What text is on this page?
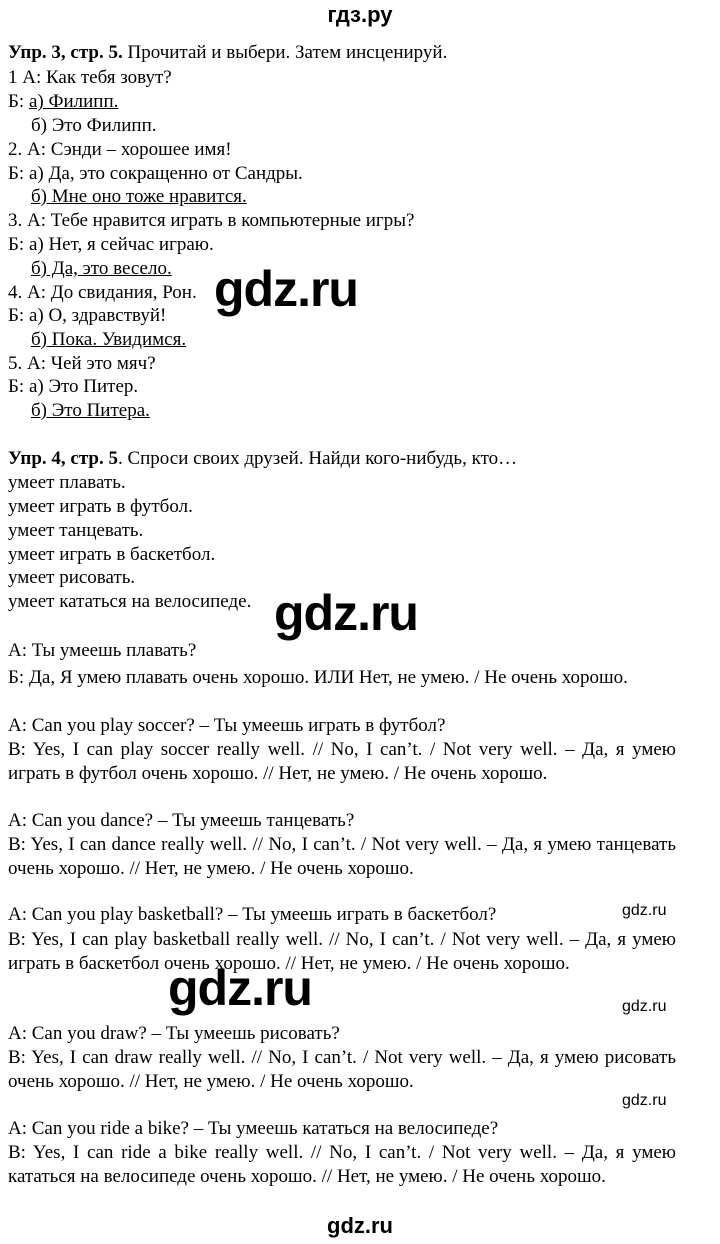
гдз.ру
Упр. 3, стр. 5. Прочитай и выбери. Затем инсценируй.
1 А: Как тебя зовут?
Б: а) Филипп.
б) Это Филипп.
2. А: Сэнди – хорошее имя!
Б: а) Да, это сокращенно от Сандры.
б) Мне оно тоже нравится.
3. А: Тебе нравится играть в компьютерные игры?
Б: а) Нет, я сейчас играю.
б) Да, это весело.
4. А: До свидания, Рон.
Б: а) О, здравствуй!
б) Пока. Увидимся.
5. А: Чей это мяч?
Б: а) Это Питер.
б) Это Питера.
Упр. 4, стр. 5. Спроси своих друзей. Найди кого-нибудь, кто…
умеет плавать.
умеет играть в футбол.
умеет танцевать.
умеет играть в баскетбол.
умеет рисовать.
умеет кататься на велосипеде.
А: Ты умеешь плавать?
Б: Да, Я умею плавать очень хорошо. ИЛИ Нет, не умею. / Не очень хорошо.
A: Can you play soccer? – Ты умеешь играть в футбол?
B: Yes, I can play soccer really well. // No, I can’t. / Not very well. – Да, я умею играть в футбол очень хорошо. // Нет, не умею. / Не очень хорошо.
A: Can you dance? – Ты умеешь танцевать?
B: Yes, I can dance really well. // No, I can’t. / Not very well. – Да, я умею танцевать очень хорошо. // Нет, не умею. / Не очень хорошо.
A: Can you play basketball? – Ты умеешь играть в баскетбол?
B: Yes, I can play basketball really well. // No, I can’t. / Not very well. – Да, я умею играть в баскетбол очень хорошо. // Нет, не умею. / Не очень хорошо.
A: Can you draw? – Ты умеешь рисовать?
B: Yes, I can draw really well. // No, I can’t. / Not very well. – Да, я умею рисовать очень хорошо. // Нет, не умею. / Не очень хорошо.
A: Can you ride a bike? – Ты умеешь кататься на велосипеде?
B: Yes, I can ride a bike really well. // No, I can’t. / Not very well. – Да, я умею кататься на велосипеде очень хорошо. // Нет, не умею. / Не очень хорошо.
gdz.ru
gdz.ru
gdz.ru
gdz.ru
gdz.ru
gdz.ru
gdz.ru
